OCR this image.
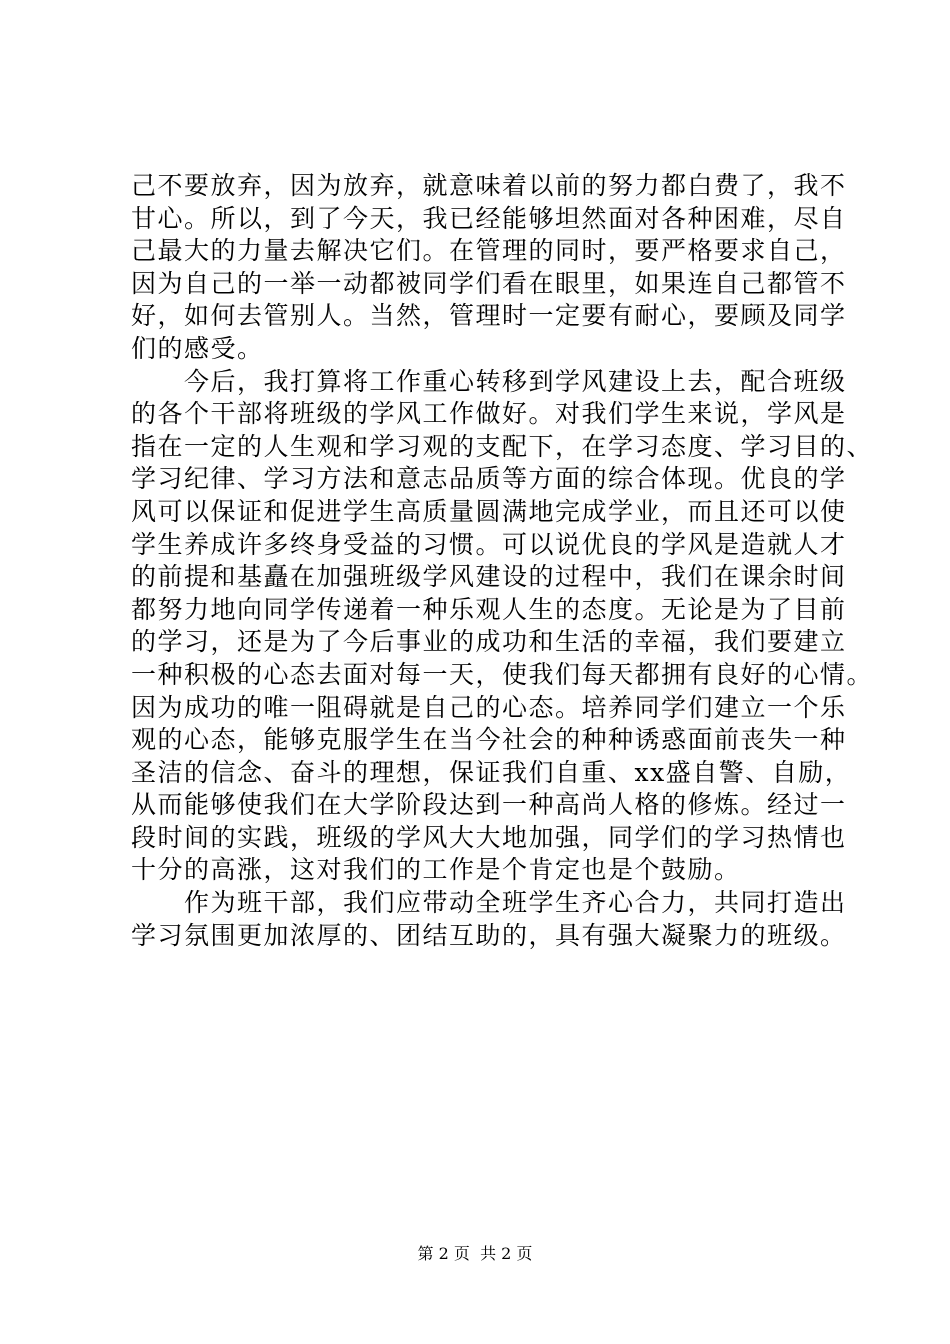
己不要放弃，因为放弃，就意味着以前的努力都白费了，我不
甘心。所以，到了今天，我已经能够坦然面对各种困难，尽自
己最大的力量去解决它们。在管理的同时，要严格要求自己，
因为自己的一举一动都被同学们看在眼里，如果连自己都管不
好，如何去管别人。当然，管理时一定要有耐心，要顾及同学
们的感受。

　　今后，我打算将工作重心转移到学风建设上去，配合班级
的各个干部将班级的学风工作做好。对我们学生来说，学风是
指在一定的人生观和学习观的支配下，在学习态度、学习目的、
学习纪律、学习方法和意志品质等方面的综合体现。优良的学
风可以保证和促进学生高质量圆满地完成学业，而且还可以使
学生养成许多终身受益的习惯。可以说优良的学风是造就人才
的前提和基矗在加强班级学风建设的过程中，我们在课余时间
都努力地向同学传递着一种乐观人生的态度。无论是为了目前
的学习，还是为了今后事业的成功和生活的幸福，我们要建立
一种积极的心态去面对每一天，使我们每天都拥有良好的心情。
因为成功的唯一阻碍就是自己的心态。培养同学们建立一个乐
观的心态，能够克服学生在当今社会的种种诱惑面前丧失一种
圣洁的信念、奋斗的理想，保证我们自重、xx盛自警、自励，
从而能够使我们在大学阶段达到一种高尚人格的修炼。经过一
段时间的实践，班级的学风大大地加强，同学们的学习热情也
十分的高涨，这对我们的工作是个肯定也是个鼓励。

　　作为班干部，我们应带动全班学生齐心合力，共同打造出
学习氛围更加浓厚的、团结互助的，具有强大凝聚力的班级。

第 2 页  共 2 页
